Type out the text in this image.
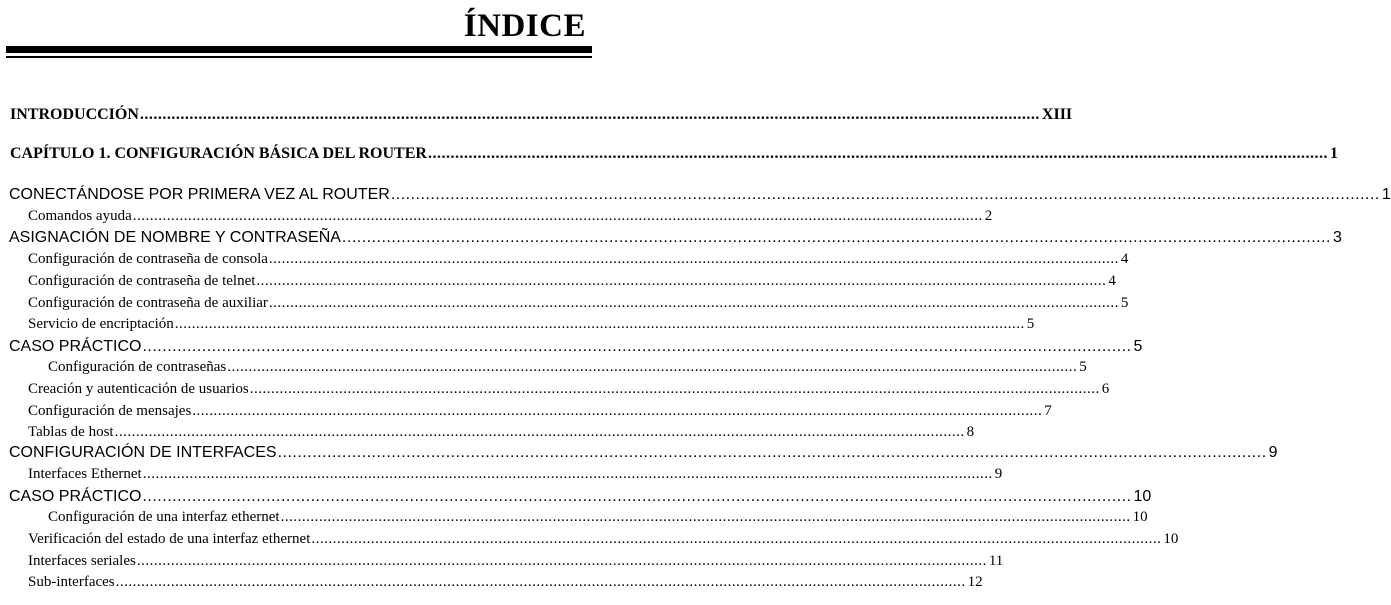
ÍNDICE
INTRODUCCIÓN ........................................................................................................................................................................................................ XIII
CAPÍTULO 1. CONFIGURACIÓN BÁSICA DEL ROUTER ........................................................................................................................................................................................................ 1
CONECTÁNDOSE POR PRIMERA VEZ AL ROUTER ........................................................................................................................................................................................................ 1
Comandos ayuda ........................................................................................................................................................................................................ 2
ASIGNACIÓN DE NOMBRE Y CONTRASEÑA ........................................................................................................................................................................................................ 3
Configuración de contraseña de consola ........................................................................................................................................................................................................ 4
Configuración de contraseña de telnet ........................................................................................................................................................................................................ 4
Configuración de contraseña de auxiliar ........................................................................................................................................................................................................ 5
Servicio de encriptación ........................................................................................................................................................................................................ 5
CASO PRÁCTICO ........................................................................................................................................................................................................ 5
Configuración de contraseñas ........................................................................................................................................................................................................ 5
Creación y autenticación de usuarios ........................................................................................................................................................................................................ 6
Configuración de mensajes ........................................................................................................................................................................................................ 7
Tablas de host ........................................................................................................................................................................................................ 8
CONFIGURACIÓN DE INTERFACES ........................................................................................................................................................................................................ 9
Interfaces Ethernet ........................................................................................................................................................................................................ 9
CASO PRÁCTICO ........................................................................................................................................................................................................ 10
Configuración de una interfaz ethernet ........................................................................................................................................................................................................ 10
Verificación del estado de una interfaz ethernet ........................................................................................................................................................................................................ 10
Interfaces seriales ........................................................................................................................................................................................................ 11
Sub-interfaces ........................................................................................................................................................................................................ 12
